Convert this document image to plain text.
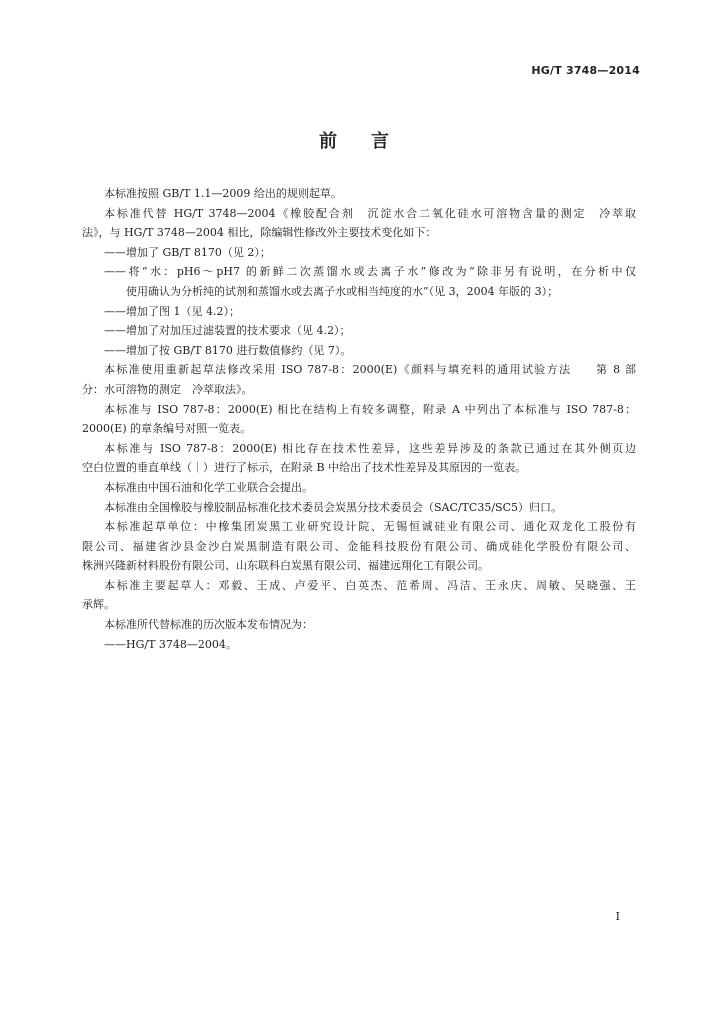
HG/T 3748—2014
前 言
本标准按照 GB/T 1.1—2009 给出的规则起草。
本标准代替 HG/T 3748—2004《橡胶配合剂　沉淀水合二氧化硅水可溶物含量的测定　冷萃取
法》，与 HG/T 3748—2004 相比，除编辑性修改外主要技术变化如下：
——增加了 GB/T 8170（见 2）；
——将“水：pH6～pH7 的新鲜二次蒸馏水或去离子水”修改为“除非另有说明，在分析中仅
使用确认为分析纯的试剂和蒸馏水或去离子水或相当纯度的水”（见 3，2004 年版的 3）；
——增加了图 1（见 4.2）；
——增加了对加压过滤装置的技术要求（见 4.2）；
——增加了按 GB/T 8170 进行数值修约（见 7）。
本标准使用重新起草法修改采用 ISO 787-8：2000(E)《颜料与填充料的通用试验方法　　第 8 部
分：水可溶物的测定　冷萃取法》。
本标准与 ISO 787-8：2000(E) 相比在结构上有较多调整，附录 A 中列出了本标准与 ISO 787-8：
2000(E) 的章条编号对照一览表。
本标准与 ISO 787-8：2000(E) 相比存在技术性差异，这些差异涉及的条款已通过在其外侧页边
空白位置的垂直单线（｜）进行了标示，在附录 B 中给出了技术性差异及其原因的一览表。
本标准由中国石油和化学工业联合会提出。
本标准由全国橡胶与橡胶制品标准化技术委员会炭黑分技术委员会（SAC/TC35/SC5）归口。
本标准起草单位：中橡集团炭黑工业研究设计院、无锡恒诚硅业有限公司、通化双龙化工股份有
限公司、福建省沙县金沙白炭黑制造有限公司、金能科技股份有限公司、确成硅化学股份有限公司、
株洲兴隆新材料股份有限公司、山东联科白炭黑有限公司、福建远翔化工有限公司。
本标准主要起草人：邓毅、王成、卢爱平、白英杰、范希周、冯洁、王永庆、周敏、吴晓强、王
承辉。
本标准所代替标准的历次版本发布情况为：
——HG/T 3748—2004。
I
